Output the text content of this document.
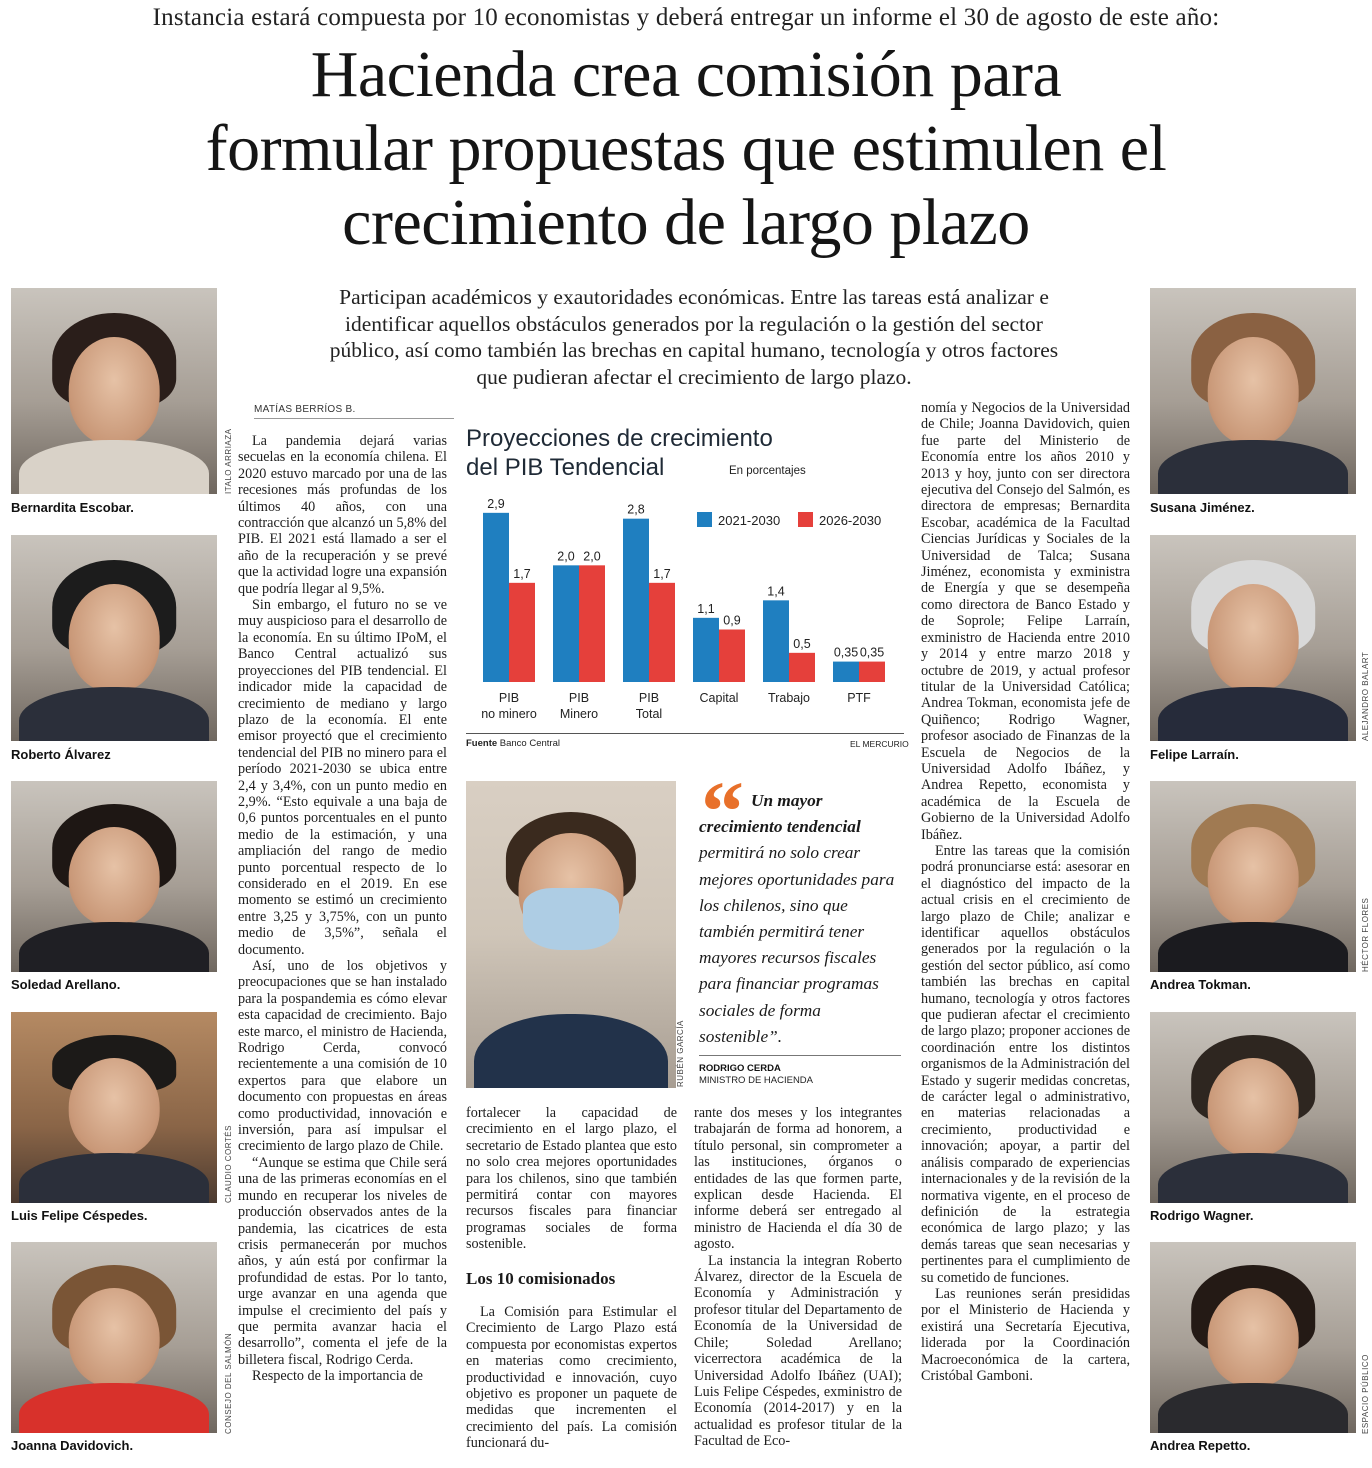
Instancia estará compuesta por 10 economistas y deberá entregar un informe el 30 de agosto de este año:
Hacienda crea comisión para
formular propuestas que estimulen el
crecimiento de largo plazo
Participan académicos y exautoridades económicas. Entre las tareas está analizar e
identificar aquellos obstáculos generados por la regulación o la gestión del sector
público, así como también las brechas en capital humano, tecnología y otros factores
que pudieran afectar el crecimiento de largo plazo.
ITALO ARRIAZA
Bernardita Escobar.
Roberto Álvarez
Soledad Arellano.
CLAUDIO CORTÉS
Luis Felipe Céspedes.
CONSEJO DEL SALMÓN
Joanna Davidovich.
Susana Jiménez.
ALEJANDRO BALART
Felipe Larraín.
HÉCTOR FLORES
Andrea Tokman.
Rodrigo Wagner.
ESPACIO PÚBLICO
Andrea Repetto.
MATÍAS BERRÍOS B.

La pandemia dejará varias secuelas en la economía chilena. El 2020 estuvo marcado por una de las recesiones más profundas de los últimos 40 años, con una contracción que alcanzó un 5,8% del PIB. El 2021 está llamado a ser el año de la recuperación y se prevé que la actividad logre una expansión que podría llegar al 9,5%.

Sin embargo, el futuro no se ve muy auspicioso para el desarrollo de la economía. En su último IPoM, el Banco Central actualizó sus proyecciones del PIB tendencial. El indicador mide la capacidad de crecimiento de mediano y largo plazo de la economía. El ente emisor proyectó que el crecimiento tendencial del PIB no minero para el período 2021-2030 se ubica entre 2,4 y 3,4%, con un punto medio en 2,9%. “Esto equivale a una baja de 0,6 puntos porcentuales en el punto medio de la estimación, y una ampliación del rango de medio punto porcentual respecto de lo considerado en el 2019. En ese momento se estimó un crecimiento entre 3,25 y 3,75%, con un punto medio de 3,5%”, señala el documento.

Así, uno de los objetivos y preocupaciones que se han instalado para la pospandemia es cómo elevar esta capacidad de crecimiento. Bajo este marco, el ministro de Hacienda, Rodrigo Cerda, convocó recientemente a una comisión de 10 expertos para que elabore un documento con propuestas en áreas como productividad, innovación e inversión, para así impulsar el crecimiento de largo plazo de Chile.

“Aunque se estima que Chile será una de las primeras economías en el mundo en recuperar los niveles de producción observados antes de la pandemia, las cicatrices de esta crisis permanecerán por muchos años, y aún está por confirmar la profundidad de estas. Por lo tanto, urge avanzar en una agenda que impulse el crecimiento del país y que permita avanzar hacia el desarrollo”, comenta el jefe de la billetera fiscal, Rodrigo Cerda.

Respecto de la importancia de

Proyecciones de crecimiento
del PIB Tendencial	En porcentajes
2021-2030	2026-2030
2,9
1,7
PIB
no minero
2,0 2,0
PIB
Minero
2,8
1,7
PIB
Total
1,1
0,9
Capital
1,4
0,5
Trabajo
0,35 0,35
PTF
Fuente Banco Central	EL MERCURIO
RUBÉN GARCÍA
“ Un mayor crecimiento tendencial permitirá no solo crear mejores oportunidades para los chilenos, sino que también permitirá tener mayores recursos fiscales para financiar programas sociales de forma sostenible”.
RODRIGO CERDA
MINISTRO DE HACIENDA

fortalecer la capacidad de crecimiento en el largo plazo, el secretario de Estado plantea que esto no solo crea mejores oportunidades para los chilenos, sino que también permitirá contar con mayores recursos fiscales para financiar programas sociales de forma sostenible.

Los 10 comisionados

La Comisión para Estimular el Crecimiento de Largo Plazo está compuesta por economistas expertos en materias como crecimiento, productividad e innovación, cuyo objetivo es proponer un paquete de medidas que incrementen el crecimiento del país. La comisión funcionará du-

rante dos meses y los integrantes trabajarán de forma ad honorem, a título personal, sin comprometer a las instituciones, órganos o entidades de las que formen parte, explican desde Hacienda. El informe deberá ser entregado al ministro de Hacienda el día 30 de agosto.

La instancia la integran Roberto Álvarez, director de la Escuela de Economía y Administración y profesor titular del Departamento de Economía de la Universidad de Chile; Soledad Arellano; vicerrectora académica de la Universidad Adolfo Ibáñez (UAI); Luis Felipe Céspedes, exministro de Economía (2014-2017) y en la actualidad es profesor titular de la Facultad de Eco-

nomía y Negocios de la Universidad de Chile; Joanna Davidovich, quien fue parte del Ministerio de Economía entre los años 2010 y 2013 y hoy, junto con ser directora ejecutiva del Consejo del Salmón, es directora de empresas; Bernardita Escobar, académica de la Facultad Ciencias Jurídicas y Sociales de la Universidad de Talca; Susana Jiménez, economista y exministra de Energía y que se desempeña como directora de Banco Estado y de Soprole; Felipe Larraín, exministro de Hacienda entre 2010 y 2014 y entre marzo 2018 y octubre de 2019, y actual profesor titular de la Universidad Católica; Andrea Tokman, economista jefe de Quiñenco; Rodrigo Wagner, profesor asociado de Finanzas de la Escuela de Negocios de la Universidad Adolfo Ibáñez, y Andrea Repetto, economista y académica de la Escuela de Gobierno de la Universidad Adolfo Ibáñez.

Entre las tareas que la comisión podrá pronunciarse está: asesorar en el diagnóstico del impacto de la actual crisis en el crecimiento de largo plazo de Chile; analizar e identificar aquellos obstáculos generados por la regulación o la gestión del sector público, así como también las brechas en capital humano, tecnología y otros factores que pudieran afectar el crecimiento de largo plazo; proponer acciones de coordinación entre los distintos organismos de la Administración del Estado y sugerir medidas concretas, de carácter legal o administrativo, en materias relacionadas a crecimiento, productividad e innovación; apoyar, a partir del análisis comparado de experiencias internacionales y de la revisión de la normativa vigente, en el proceso de definición de la estrategia económica de largo plazo; y las demás tareas que sean necesarias y pertinentes para el cumplimiento de su cometido de funciones.

Las reuniones serán presididas por el Ministerio de Hacienda y existirá una Secretaría Ejecutiva, liderada por la Coordinación Macroeconómica de la cartera, Cristóbal Gamboni.
